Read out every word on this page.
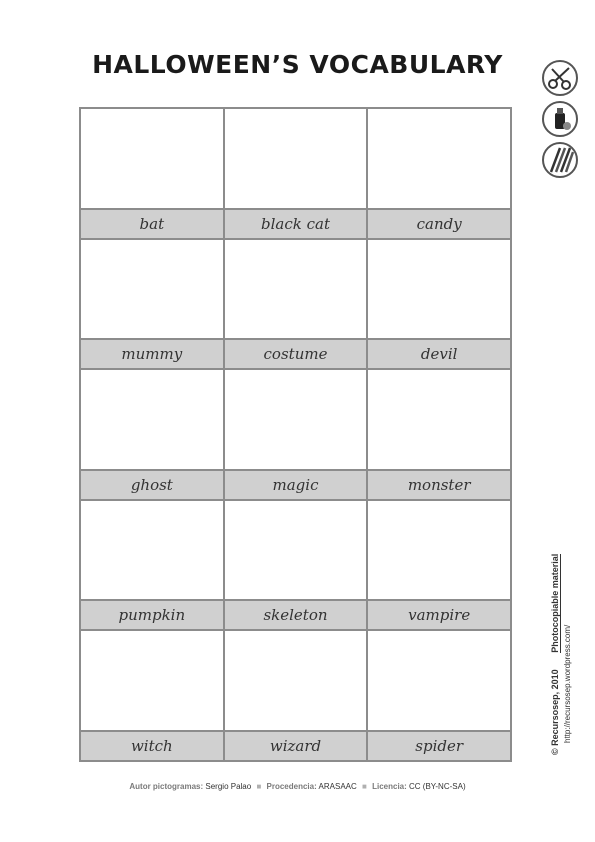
HALLOWEEN’S VOCABULARY
bat	black cat	candy
mummy	costume	devil
ghost	magic	monster
pumpkin	skeleton	vampire
witch	wizard	spider	© Recursosep, 2010 Photocopiable material
http://recursosep.wordpress.com/
Autor pictogramas: Sergio Palao ■ Procedencia: ARASAAC ■ Licencia: CC (BY-NC-SA)
